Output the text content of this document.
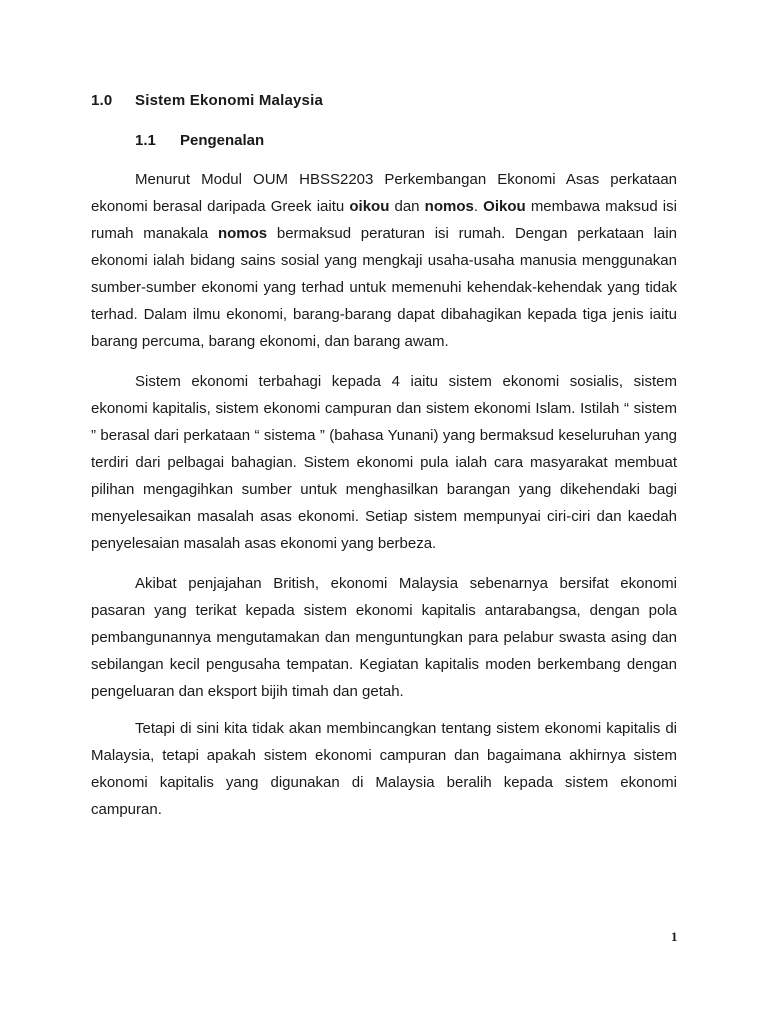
1.0	Sistem Ekonomi Malaysia
1.1	Pengenalan

Menurut Modul OUM HBSS2203 Perkembangan Ekonomi Asas perkataan ekonomi berasal daripada Greek iaitu oikou dan nomos. Oikou membawa maksud isi rumah manakala nomos bermaksud peraturan isi rumah. Dengan perkataan lain ekonomi ialah bidang sains sosial yang mengkaji usaha-usaha manusia menggunakan sumber-sumber ekonomi yang terhad untuk memenuhi kehendak-kehendak yang tidak terhad. Dalam ilmu ekonomi, barang-barang dapat dibahagikan kepada tiga jenis iaitu barang percuma, barang ekonomi, dan barang awam.

Sistem ekonomi terbahagi kepada 4 iaitu sistem ekonomi sosialis, sistem ekonomi kapitalis, sistem ekonomi campuran dan sistem ekonomi Islam. Istilah “ sistem ” berasal dari perkataan “ sistema ” (bahasa Yunani) yang bermaksud keseluruhan yang terdiri dari pelbagai bahagian. Sistem ekonomi pula ialah cara masyarakat membuat pilihan mengagihkan sumber untuk menghasilkan barangan yang dikehendaki bagi menyelesaikan masalah asas ekonomi. Setiap sistem mempunyai ciri-ciri dan kaedah penyelesaian masalah asas ekonomi yang berbeza.

Akibat penjajahan British, ekonomi Malaysia sebenarnya bersifat ekonomi pasaran yang terikat kepada sistem ekonomi kapitalis antarabangsa, dengan pola pembangunannya mengutamakan dan menguntungkan para pelabur swasta asing dan sebilangan kecil pengusaha tempatan. Kegiatan kapitalis moden berkembang dengan pengeluaran dan eksport bijih timah dan getah.

Tetapi di sini kita tidak akan membincangkan tentang sistem ekonomi kapitalis di Malaysia, tetapi apakah sistem ekonomi campuran dan bagaimana akhirnya sistem ekonomi kapitalis yang digunakan di Malaysia beralih kepada sistem ekonomi campuran.

1
